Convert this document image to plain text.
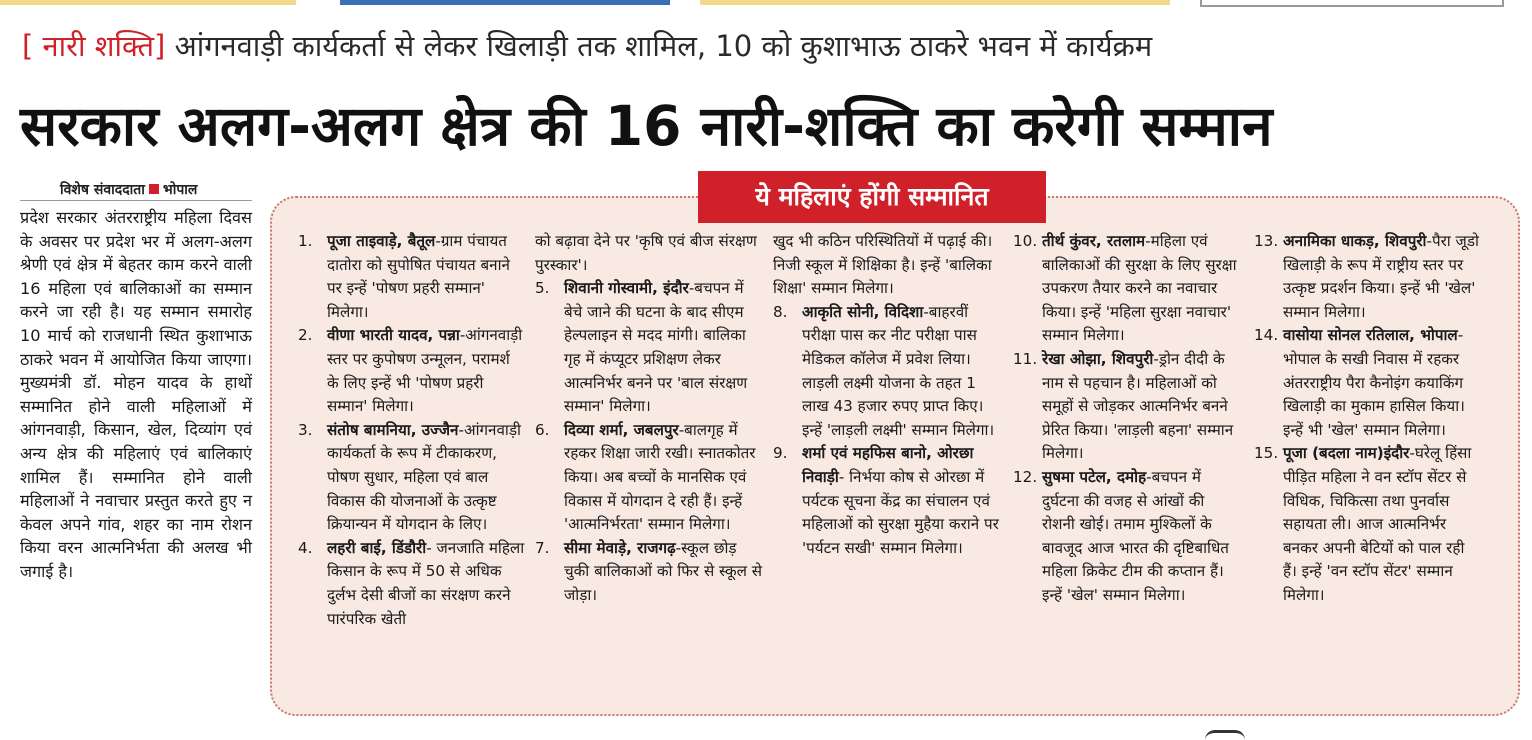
[ नारी शक्ति] आंगनवाड़ी कार्यकर्ता से लेकर खिलाड़ी तक शामिल, 10 को कुशाभाऊ ठाकरे भवन में कार्यक्रम
सरकार अलग-अलग क्षेत्र की 16 नारी-शक्ति का करेगी सम्मान
विशेष संवाददाता भोपाल
प्रदेश सरकार अंतरराष्ट्रीय महिला दिवस के अवसर पर प्रदेश भर में अलग-अलग श्रेणी एवं क्षेत्र में बेहतर काम करने वाली 16 महिला एवं बालिकाओं का सम्मान करने जा रही है। यह सम्मान समारोह 10 मार्च को राजधानी स्थित कुशाभाऊ ठाकरे भवन में आयोजित किया जाएगा। मुख्यमंत्री डॉ. मोहन यादव के हाथों सम्मानित होने वाली महिलाओं में आंगनवाड़ी, किसान, खेल, दिव्यांग एवं अन्य क्षेत्र की महिलाएं एवं बालिकाएं शामिल हैं। सम्मानित होने वाली महिलाओं ने नवाचार प्रस्तुत करते हुए न केवल अपने गांव, शहर का नाम रोशन किया वरन आत्मनिर्भता की अलख भी जगाई है।
ये महिलाएं होंगी सम्मानित
1. पूजा ताइवाड़े, बैतूल-ग्राम पंचायत दातोरा को सुपोषित पंचायत बनाने पर इन्हें 'पोषण प्रहरी सम्मान' मिलेगा।
2. वीणा भारती यादव, पन्ना-आंगनवाड़ी स्तर पर कुपोषण उन्मूलन, परामर्श के लिए इन्हें भी 'पोषण प्रहरी सम्मान' मिलेगा।
3. संतोष बामनिया, उज्जैन-आंगनवाड़ी कार्यकर्ता के रूप में टीकाकरण, पोषण सुधार, महिला एवं बाल विकास की योजनाओं के उत्कृष्ट क्रियान्यन में योगदान के लिए।
4. लहरी बाई, डिंडौरी- जनजाति महिला किसान के रूप में 50 से अधिक दुर्लभ देसी बीजों का संरक्षण करने पारंपरिक खेती
को बढ़ावा देने पर 'कृषि एवं बीज संरक्षण पुरस्कार'।
5. शिवानी गोस्वामी, इंदौर-बचपन में बेचे जाने की घटना के बाद सीएम हेल्पलाइन से मदद मांगी। बालिका गृह में कंप्यूटर प्रशिक्षण लेकर आत्मनिर्भर बनने पर 'बाल संरक्षण सम्मान' मिलेगा।
6. दिव्या शर्मा, जबलपुर-बालगृह में रहकर शिक्षा जारी रखी। स्नातकोतर किया। अब बच्चों के मानसिक एवं विकास में योगदान दे रही हैं। इन्हें 'आत्मनिर्भरता' सम्मान मिलेगा।
7. सीमा मेवाड़े, राजगढ़-स्कूल छोड़ चुकी बालिकाओं को फिर से स्कूल से जोड़ा।
खुद भी कठिन परिस्थितियों में पढ़ाई की। निजी स्कूल में शिक्षिका है। इन्हें 'बालिका शिक्षा' सम्मान मिलेगा।
8. आकृति सोनी, विदिशा-बाहरवीं परीक्षा पास कर नीट परीक्षा पास मेडिकल कॉलेज में प्रवेश लिया। लाड़ली लक्ष्मी योजना के तहत 1 लाख 43 हजार रुपए प्राप्त किए। इन्हें 'लाड़ली लक्ष्मी' सम्मान मिलेगा।
9. शर्मा एवं महफिस बानो, ओरछा निवाड़ी- निर्भया कोष से ओरछा में पर्यटक सूचना केंद्र का संचालन एवं महिलाओं को सुरक्षा मुहैया कराने पर 'पर्यटन सखी' सम्मान मिलेगा।
10. तीर्थ कुंवर, रतलाम-महिला एवं बालिकाओं की सुरक्षा के लिए सुरक्षा उपकरण तैयार करने का नवाचार किया। इन्हें 'महिला सुरक्षा नवाचार' सम्मान मिलेगा।
11. रेखा ओझा, शिवपुरी-ड्रोन दीदी के नाम से पहचान है। महिलाओं को समूहों से जोड़कर आत्मनिर्भर बनने प्रेरित किया। 'लाड़ली बहना' सम्मान मिलेगा।
12. सुषमा पटेल, दमोह-बचपन में दुर्घटना की वजह से आंखों की रोशनी खोई। तमाम मुश्किलों के बावजूद आज भारत की दृष्टिबाधित महिला क्रिकेट टीम की कप्तान हैं। इन्हें 'खेल' सम्मान मिलेगा।
13. अनामिका धाकड़, शिवपुरी-पैरा जूडो खिलाड़ी के रूप में राष्ट्रीय स्तर पर उत्कृष्ट प्रदर्शन किया। इन्हें भी 'खेल' सम्मान मिलेगा।
14. वासोया सोनल रतिलाल, भोपाल- भोपाल के सखी निवास में रहकर अंतरराष्ट्रीय पैरा कैनोइंग कयाकिंग खिलाड़ी का मुकाम हासिल किया। इन्हें भी 'खेल' सम्मान मिलेगा।
15. पूजा (बदला नाम)इंदौर-घरेलू हिंसा पीड़ित महिला ने वन स्टॉप सेंटर से विधिक, चिकित्सा तथा पुनर्वास सहायता ली। आज आत्मनिर्भर बनकर अपनी बेटियों को पाल रही हैं। इन्हें 'वन स्टॉप सेंटर' सम्मान मिलेगा।
